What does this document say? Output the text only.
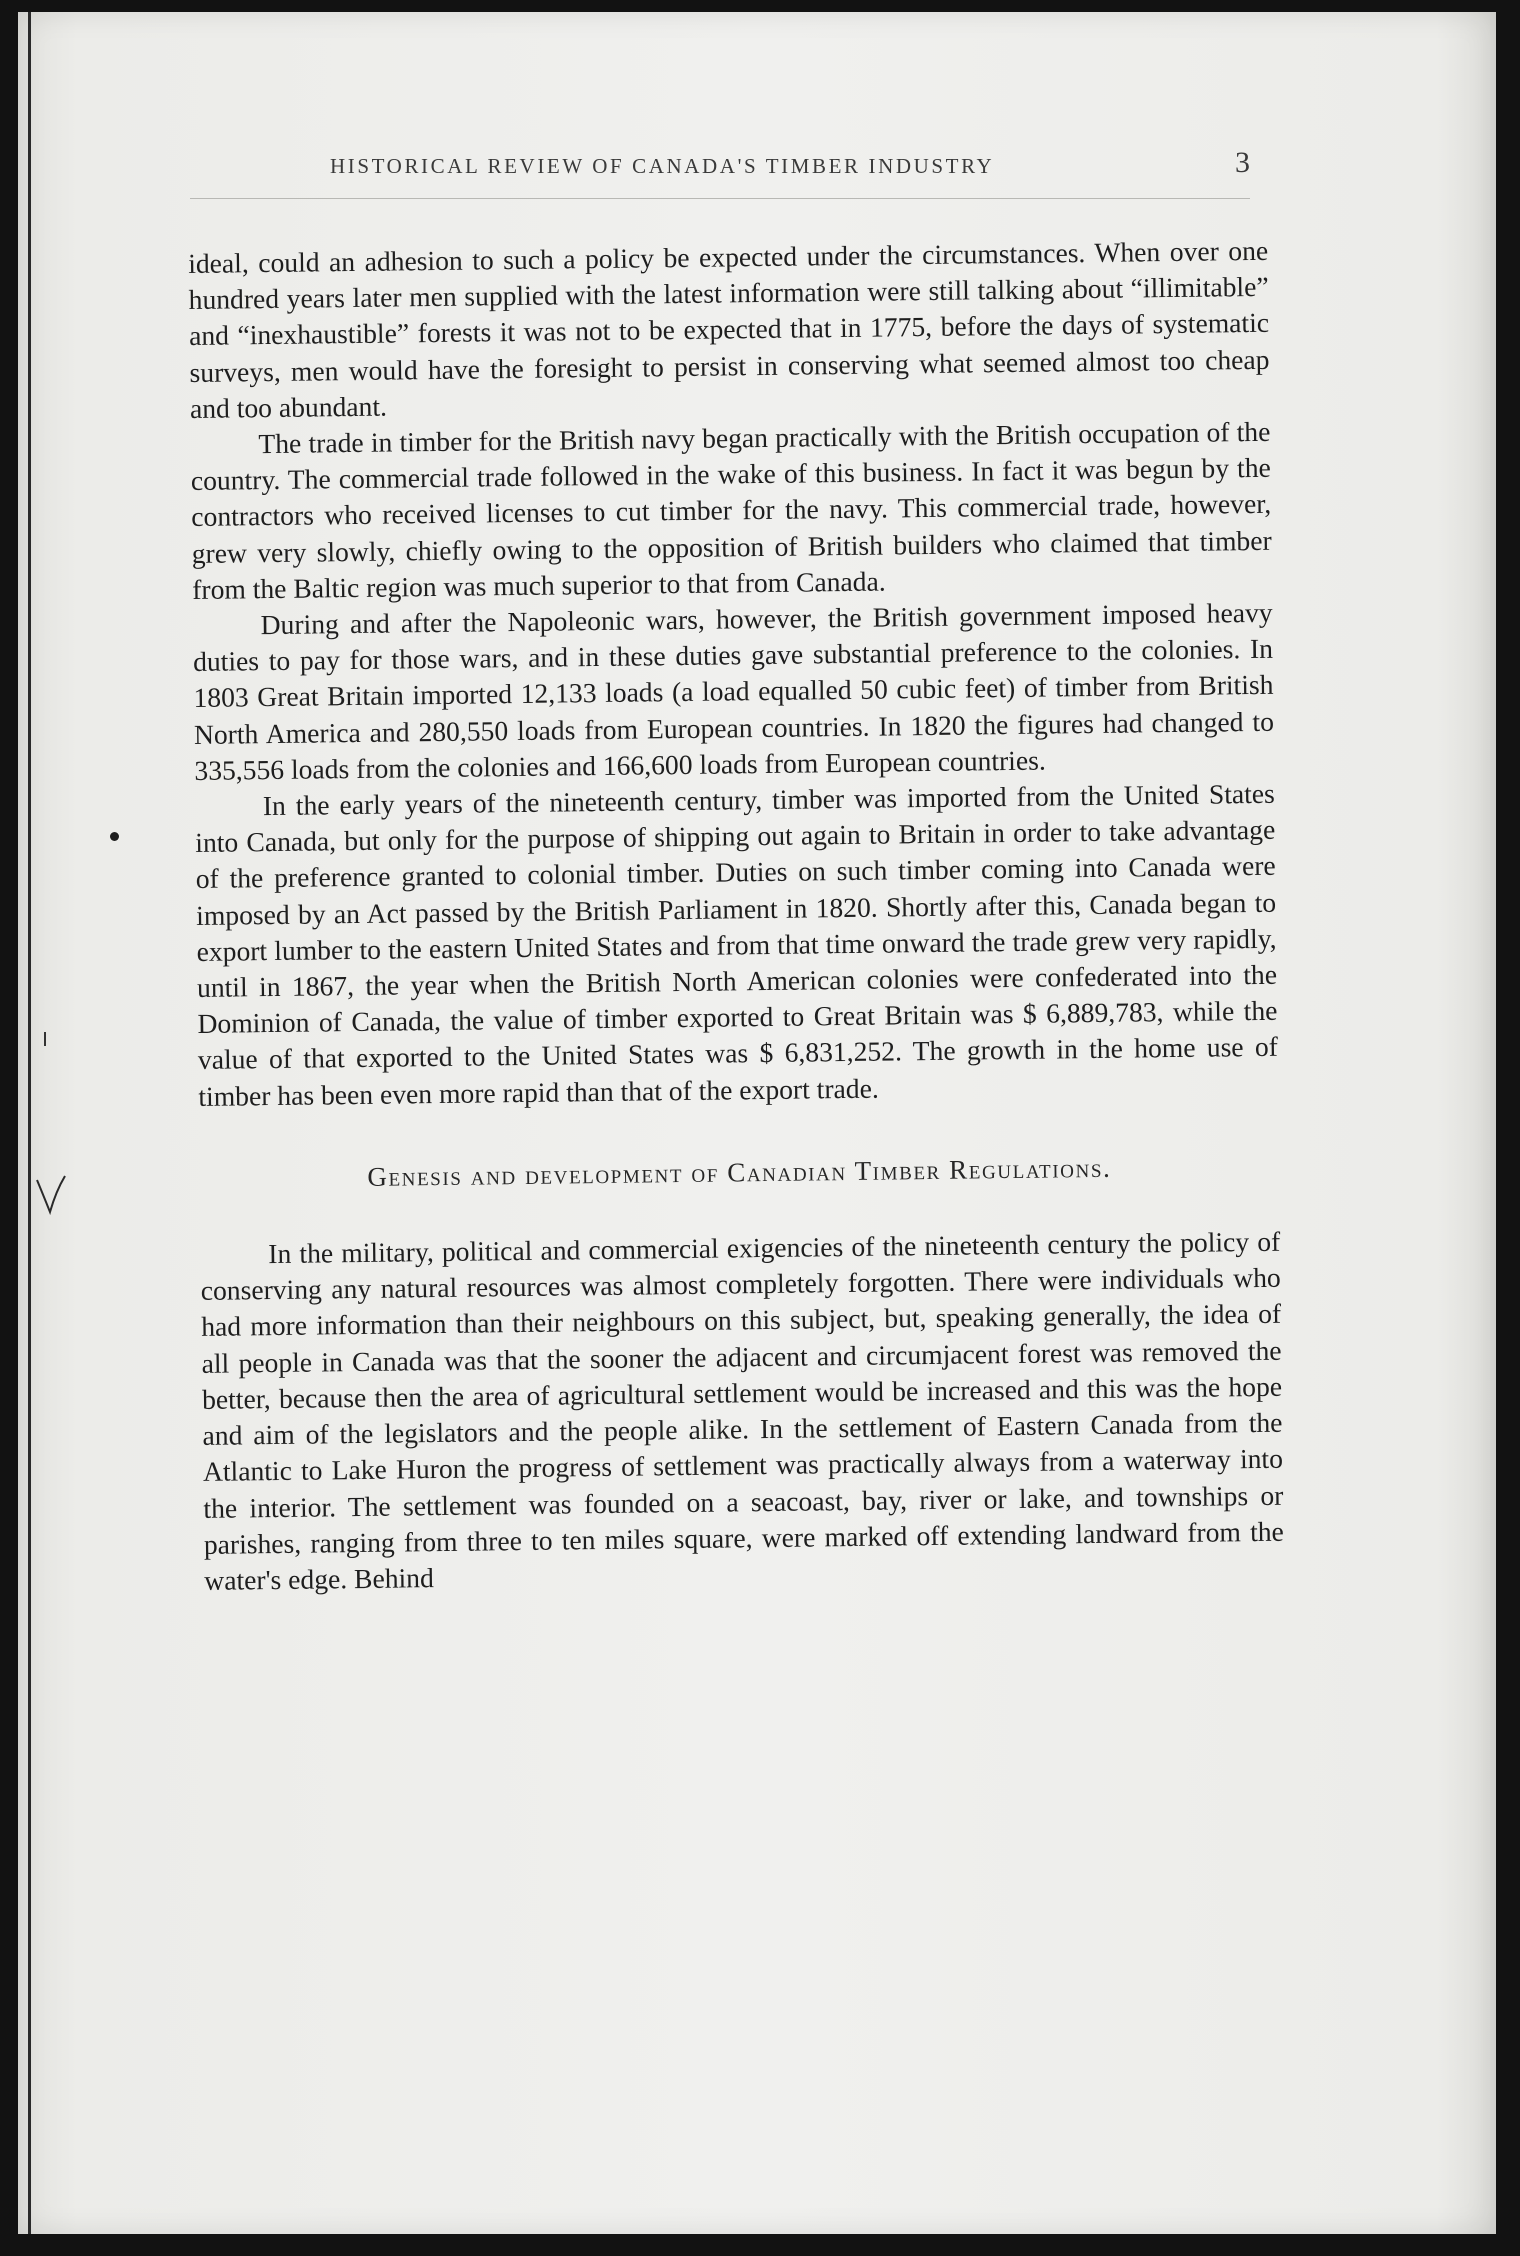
HISTORICAL REVIEW OF CANADA'S TIMBER INDUSTRY	3

ideal, could an adhesion to such a policy be expected under the circumstances. When over one hundred years later men supplied with the latest information were still talking about “illimitable” and “inexhaustible” forests it was not to be expected that in 1775, before the days of systematic surveys, men would have the foresight to persist in conserving what seemed almost too cheap and too abundant.

The trade in timber for the British navy began practically with the British occupation of the country. The commercial trade followed in the wake of this business. In fact it was begun by the contractors who received licenses to cut timber for the navy. This commercial trade, however, grew very slowly, chiefly owing to the opposition of British builders who claimed that timber from the Baltic region was much superior to that from Canada.

During and after the Napoleonic wars, however, the British government imposed heavy duties to pay for those wars, and in these duties gave substantial preference to the colonies. In 1803 Great Britain imported 12,133 loads (a load equalled 50 cubic feet) of timber from British North America and 280,550 loads from European countries. In 1820 the figures had changed to 335,556 loads from the colonies and 166,600 loads from European countries.

In the early years of the nineteenth century, timber was imported from the United States into Canada, but only for the purpose of shipping out again to Britain in order to take advantage of the preference granted to colonial timber. Duties on such timber coming into Canada were imposed by an Act passed by the British Parliament in 1820. Shortly after this, Canada began to export lumber to the eastern United States and from that time onward the trade grew very rapidly, until in 1867, the year when the British North American colonies were confederated into the Dominion of Canada, the value of timber exported to Great Britain was $ 6,889,783, while the value of that exported to the United States was $ 6,831,252. The growth in the home use of timber has been even more rapid than that of the export trade.

Genesis and development of Canadian Timber Regulations.

In the military, political and commercial exigencies of the nineteenth century the policy of conserving any natural resources was almost completely forgotten. There were individuals who had more information than their neighbours on this subject, but, speaking generally, the idea of all people in Canada was that the sooner the adjacent and circumjacent forest was removed the better, because then the area of agricultural settlement would be increased and this was the hope and aim of the legislators and the people alike. In the settlement of Eastern Canada from the Atlantic to Lake Huron the progress of settlement was practically always from a waterway into the interior. The settlement was founded on a seacoast, bay, river or lake, and townships or parishes, ranging from three to ten miles square, were marked off extending landward from the water's edge. Behind
